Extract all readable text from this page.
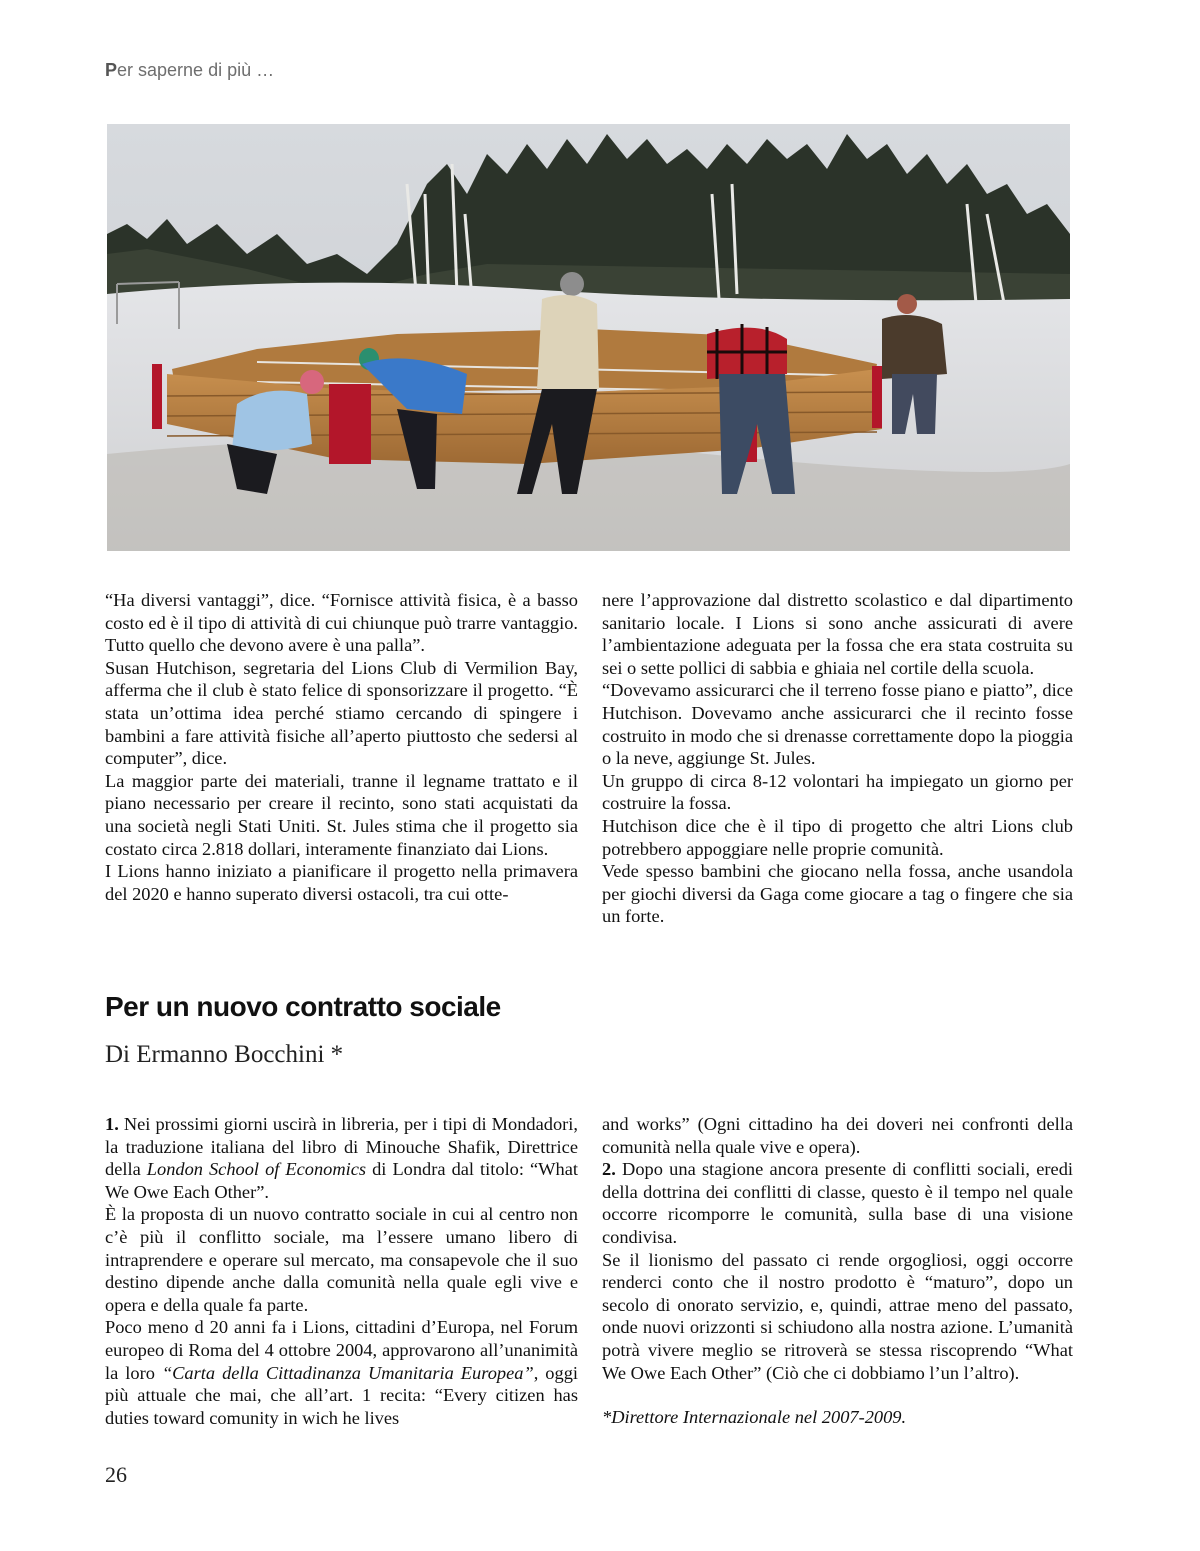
Per saperne di più …

“Ha diversi vantaggi”, dice. “Fornisce attività fisica, è a basso costo ed è il tipo di attività di cui chiunque può trarre vantaggio. Tutto quello che devono avere è una palla”.

Susan Hutchison, segretaria del Lions Club di Vermilion Bay, afferma che il club è stato felice di sponsorizzare il progetto. “È stata un’ottima idea perché stiamo cercando di spingere i bambini a fare attività fisiche all’aperto piuttosto che sedersi al computer”, dice.

La maggior parte dei materiali, tranne il legname trattato e il piano necessario per creare il recinto, sono stati acquistati da una società negli Stati Uniti. St. Jules stima che il progetto sia costato circa 2.818 dollari, interamente finanziato dai Lions.

I Lions hanno iniziato a pianificare il progetto nella primavera del 2020 e hanno superato diversi ostacoli, tra cui otte-

nere l’approvazione dal distretto scolastico e dal dipartimento sanitario locale. I Lions si sono anche assicurati di avere l’ambientazione adeguata per la fossa che era stata costruita su sei o sette pollici di sabbia e ghiaia nel cortile della scuola.

“Dovevamo assicurarci che il terreno fosse piano e piatto”, dice Hutchison. Dovevamo anche assicurarci che il recinto fosse costruito in modo che si drenasse correttamente dopo la pioggia o la neve, aggiunge St. Jules.

Un gruppo di circa 8-12 volontari ha impiegato un giorno per costruire la fossa.

Hutchison dice che è il tipo di progetto che altri Lions club potrebbero appoggiare nelle proprie comunità.

Vede spesso bambini che giocano nella fossa, anche usandola per giochi diversi da Gaga come giocare a tag o fingere che sia un forte.

Per un nuovo contratto sociale
Di Ermanno Bocchini *

1. Nei prossimi giorni uscirà in libreria, per i tipi di Mondadori, la traduzione italiana del libro di Minouche Shafik, Direttrice della London School of Economics di Londra dal titolo: “What We Owe Each Other”.

È la proposta di un nuovo contratto sociale in cui al centro non c’è più il conflitto sociale, ma l’essere umano libero di intraprendere e operare sul mercato, ma consapevole che il suo destino dipende anche dalla comunità nella quale egli vive e opera e della quale fa parte.

Poco meno d 20 anni fa i Lions, cittadini d’Europa, nel Forum europeo di Roma del 4 ottobre 2004, approvarono all’unanimità la loro “Carta della Cittadinanza Umanitaria Europea”, oggi più attuale che mai, che all’art. 1 recita: “Every citizen has duties toward comunity in wich he lives

and works” (Ogni cittadino ha dei doveri nei confronti della comunità nella quale vive e opera).

2. Dopo una stagione ancora presente di conflitti sociali, eredi della dottrina dei conflitti di classe, questo è il tempo nel quale occorre ricomporre le comunità, sulla base di una visione condivisa.

Se il lionismo del passato ci rende orgogliosi, oggi occorre renderci conto che il nostro prodotto è “maturo”, dopo un secolo di onorato servizio, e, quindi, attrae meno del passato, onde nuovi orizzonti si schiudono alla nostra azione. L’umanità potrà vivere meglio se ritroverà se stessa riscoprendo “What We Owe Each Other” (Ciò che ci dobbiamo l’un l’altro).

*Direttore Internazionale nel 2007-2009.

26
